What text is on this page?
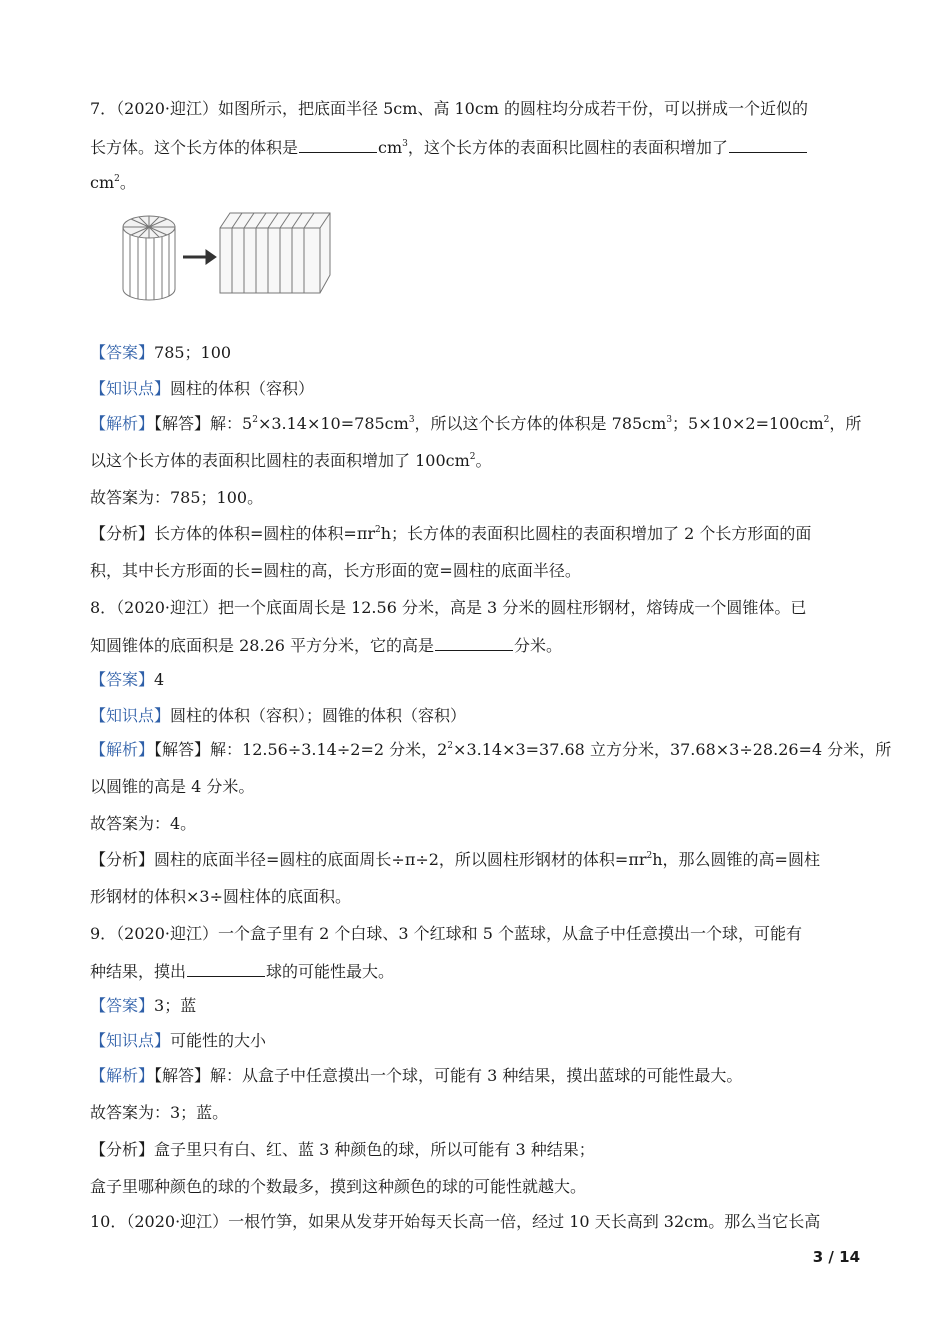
7．（2020·迎江）如图所示，把底面半径 5cm、高 10cm 的圆柱均分成若干份，可以拼成一个近似的
长方体。这个长方体的体积是	$cm^3$，这个长方体的表面积比圆柱的表面积增加了
$cm^2$。
【答案】785；100
【知识点】圆柱的体积（容积）
【解析】【解答】解：$5^2\times 3.14\times 10=785cm^3$，所以这个长方体的体积是 $785cm^3$；$5\times 10\times 2=100cm^2$，所
以这个长方体的表面积比圆柱的表面积增加了 $100cm^2$。
故答案为：785；100。
【分析】长方体的体积=圆柱的体积$=\pi r^2h$；长方体的表面积比圆柱的表面积增加了 2 个长方形面的面
积，其中长方形面的长=圆柱的高，长方形面的宽=圆柱的底面半径。
8．（2020·迎江）把一个底面周长是 12.56 分米，高是 3 分米的圆柱形钢材，熔铸成一个圆锥体。已
知圆锥体的底面积是 28.26 平方分米，它的高是	分米。
【答案】4
【知识点】圆柱的体积（容积）；圆锥的体积（容积）
【解析】【解答】解：12.56÷3.14÷2=2 分米，$2^2\times 3.14\times 3=37.68$ 立方分米，37.68×3÷28.26=4 分米，所
以圆锥的高是 4 分米。
故答案为：4。
【分析】圆柱的底面半径=圆柱的底面周长÷π÷2，所以圆柱形钢材的体积$=\pi r^2h$，那么圆锥的高=圆柱
形钢材的体积×3÷圆柱体的底面积。
9．（2020·迎江）一个盒子里有 2 个白球、3 个红球和 5 个蓝球，从盒子中任意摸出一个球，可能有
种结果，摸出	球的可能性最大。
【答案】3；蓝
【知识点】可能性的大小
【解析】【解答】解：从盒子中任意摸出一个球，可能有 3 种结果，摸出蓝球的可能性最大。
故答案为：3；蓝。
【分析】盒子里只有白、红、蓝 3 种颜色的球，所以可能有 3 种结果；
盒子里哪种颜色的球的个数最多，摸到这种颜色的球的可能性就越大。
10．（2020·迎江）一根竹笋，如果从发芽开始每天长高一倍，经过 10 天长高到 32cm。那么当它长高
3 / 14
